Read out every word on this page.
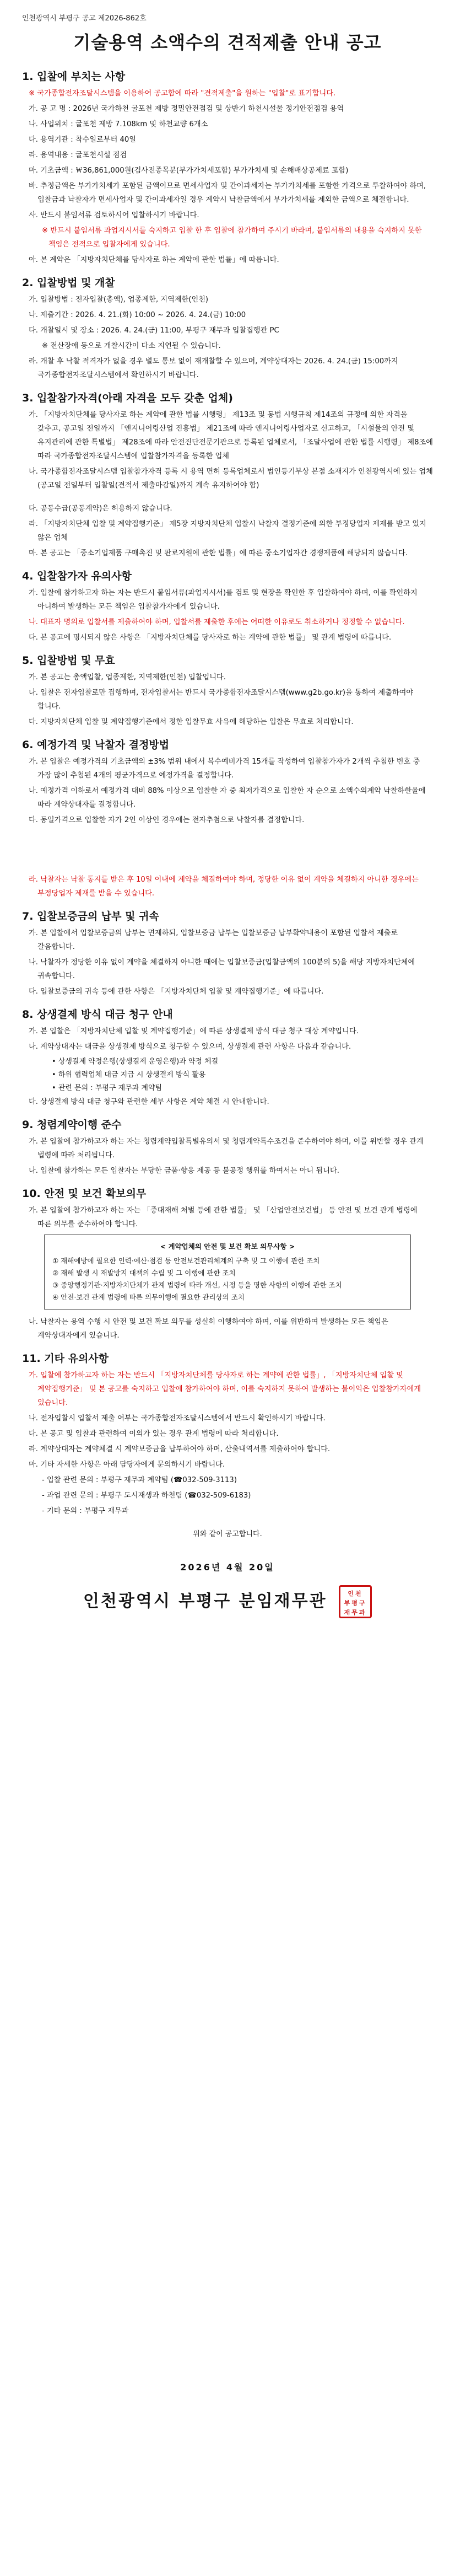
인천광역시 부평구 공고 제2026-862호
기술용역 소액수의 견적제출 안내 공고
1. 입찰에 부치는 사항

※ 국가종합전자조달시스템을 이용하여 공고함에 따라 "견적제출"을 원하는 "입찰"로 표기합니다.

가. 공 고 명 : 2026년 국가하천 굴포천 제방 정밀안전점검 및 상반기 하천시설물 정기안전점검 용역

나. 사업위치 : 굴포천 제방 7.108km 및 하천교량 6개소

다. 용역기관 : 착수일로부터 40일

라. 용역내용 : 굴포천시설 점검

마. 기초금액 : ￦36,861,000원(검사전종목분(부가가치세포함) 부가가치세 및 손해배상공제료 포함)

바. 추정금액은 부가가치세가 포함된 금액이므로 면세사업자 및 간이과세자는 부가가치세를 포함한 가격으로 투찰하여야 하며, 입찰금과 낙찰자가 면세사업자 및 간이과세자일 경우 계약시 낙찰금액에서 부가가치세를 제외한 금액으로 체결합니다.

사. 반드시 붙임서류 검토하시어 입찰하시기 바랍니다.

※ 반드시 붙임서류 과업지시서를 숙지하고 입찰 한 후 입찰에 참가하여 주시기 바라며, 붙임서류의 내용을 숙지하지 못한 책임은 전적으로 입찰자에게 있습니다.

아. 본 계약은 「지방자치단체를 당사자로 하는 계약에 관한 법률」에 따릅니다.

2. 입찰방법 및 개찰

가. 입찰방법 : 전자입찰(총액), 업종제한, 지역제한(인천)

나. 제출기간 : 2026. 4. 21.(화) 10:00 ~ 2026. 4. 24.(금) 10:00

다. 개찰일시 및 장소 : 2026. 4. 24.(금) 11:00, 부평구 재무과 입찰집행관 PC

※ 전산장애 등으로 개찰시간이 다소 지연될 수 있습니다.

라. 개찰 후 낙찰 적격자가 없을 경우 별도 통보 없이 재개찰할 수 있으며, 계약상대자는 2026. 4. 24.(금) 15:00까지 국가종합전자조달시스템에서 확인하시기 바랍니다.

3. 입찰참가자격(아래 자격을 모두 갖춘 업체)

가. 「지방자치단체를 당사자로 하는 계약에 관한 법률 시행령」 제13조 및 동법 시행규칙 제14조의 규정에 의한 자격을 갖추고, 공고일 전일까지 「엔지니어링산업 진흥법」 제21조에 따라 엔지니어링사업자로 신고하고, 「시설물의 안전 및 유지관리에 관한 특별법」 제28조에 따라 안전진단전문기관으로 등록된 업체로서, 「조달사업에 관한 법률 시행령」 제8조에 따라 국가종합전자조달시스템에 입찰참가자격을 등록한 업체

나. 국가종합전자조달시스템 입찰참가자격 등록 시 용역 면허 등록업체로서 법인등기부상 본점 소재지가 인천광역시에 있는 업체 (공고일 전일부터 입찰일(견적서 제출마감일)까지 계속 유지하여야 함)

다. 공동수급(공동계약)은 허용하지 않습니다.

라. 「지방자치단체 입찰 및 계약집행기준」 제5장 지방자치단체 입찰시 낙찰자 결정기준에 의한 부정당업자 제재를 받고 있지 않은 업체

마. 본 공고는 「중소기업제품 구매촉진 및 판로지원에 관한 법률」에 따른 중소기업자간 경쟁제품에 해당되지 않습니다.

4. 입찰참가자 유의사항

가. 입찰에 참가하고자 하는 자는 반드시 붙임서류(과업지시서)를 검토 및 현장을 확인한 후 입찰하여야 하며, 이를 확인하지 아니하여 발생하는 모든 책임은 입찰참가자에게 있습니다.

나. 대표자 명의로 입찰서를 제출하여야 하며, 입찰서를 제출한 후에는 어떠한 이유로도 취소하거나 정정할 수 없습니다.

다. 본 공고에 명시되지 않은 사항은 「지방자치단체를 당사자로 하는 계약에 관한 법률」 및 관계 법령에 따릅니다.

5. 입찰방법 및 무효

가. 본 공고는 총액입찰, 업종제한, 지역제한(인천) 입찰입니다.

나. 입찰은 전자입찰로만 집행하며, 전자입찰서는 반드시 국가종합전자조달시스템(www.g2b.go.kr)을 통하여 제출하여야 합니다.

다. 지방자치단체 입찰 및 계약집행기준에서 정한 입찰무효 사유에 해당하는 입찰은 무효로 처리합니다.

6. 예정가격 및 낙찰자 결정방법

가. 본 입찰은 예정가격의 기초금액의 ±3% 범위 내에서 복수예비가격 15개를 작성하여 입찰참가자가 2개씩 추첨한 번호 중 가장 많이 추첨된 4개의 평균가격으로 예정가격을 결정합니다.

나. 예정가격 이하로서 예정가격 대비 88% 이상으로 입찰한 자 중 최저가격으로 입찰한 자 순으로 소액수의계약 낙찰하한율에 따라 계약상대자를 결정합니다.

다. 동일가격으로 입찰한 자가 2인 이상인 경우에는 전자추첨으로 낙찰자를 결정합니다.

라. 낙찰자는 낙찰 통지를 받은 후 10일 이내에 계약을 체결하여야 하며, 정당한 이유 없이 계약을 체결하지 아니한 경우에는 부정당업자 제재를 받을 수 있습니다.

7. 입찰보증금의 납부 및 귀속

가. 본 입찰에서 입찰보증금의 납부는 면제하되, 입찰보증금 납부는 입찰보증금 납부확약내용이 포함된 입찰서 제출로 갈음합니다.

나. 낙찰자가 정당한 이유 없이 계약을 체결하지 아니한 때에는 입찰보증금(입찰금액의 100분의 5)을 해당 지방자치단체에 귀속합니다.

다. 입찰보증금의 귀속 등에 관한 사항은 「지방자치단체 입찰 및 계약집행기준」에 따릅니다.

8. 상생결제 방식 대금 청구 안내

가. 본 입찰은 「지방자치단체 입찰 및 계약집행기준」에 따른 상생결제 방식 대금 청구 대상 계약입니다.

나. 계약상대자는 대금을 상생결제 방식으로 청구할 수 있으며, 상생결제 관련 사항은 다음과 같습니다.

• 상생결제 약정은행(상생결제 운영은행)과 약정 체결
• 하위 협력업체 대금 지급 시 상생결제 방식 활용
• 관련 문의 : 부평구 재무과 계약팀

다. 상생결제 방식 대금 청구와 관련한 세부 사항은 계약 체결 시 안내합니다.

9. 청렴계약이행 준수

가. 본 입찰에 참가하고자 하는 자는 청렴계약입찰특별유의서 및 청렴계약특수조건을 준수하여야 하며, 이를 위반할 경우 관계 법령에 따라 처리됩니다.

나. 입찰에 참가하는 모든 입찰자는 부당한 금품·향응 제공 등 불공정 행위를 하여서는 아니 됩니다.

10. 안전 및 보건 확보의무

가. 본 입찰에 참가하고자 하는 자는 「중대재해 처벌 등에 관한 법률」 및 「산업안전보건법」 등 안전 및 보건 관계 법령에 따른 의무를 준수하여야 합니다.

< 계약업체의 안전 및 보건 확보 의무사항 >

① 재해예방에 필요한 인력·예산·점검 등 안전보건관리체계의 구축 및 그 이행에 관한 조치

② 재해 발생 시 재발방지 대책의 수립 및 그 이행에 관한 조치

③ 중앙행정기관·지방자치단체가 관계 법령에 따라 개선, 시정 등을 명한 사항의 이행에 관한 조치

④ 안전·보건 관계 법령에 따른 의무이행에 필요한 관리상의 조치

나. 낙찰자는 용역 수행 시 안전 및 보건 확보 의무를 성실히 이행하여야 하며, 이를 위반하여 발생하는 모든 책임은 계약상대자에게 있습니다.

11. 기타 유의사항

가. 입찰에 참가하고자 하는 자는 반드시 「지방자치단체를 당사자로 하는 계약에 관한 법률」, 「지방자치단체 입찰 및 계약집행기준」 및 본 공고를 숙지하고 입찰에 참가하여야 하며, 이를 숙지하지 못하여 발생하는 불이익은 입찰참가자에게 있습니다.

나. 전자입찰시 입찰서 제출 여부는 국가종합전자조달시스템에서 반드시 확인하시기 바랍니다.

다. 본 공고 및 입찰과 관련하여 이의가 있는 경우 관계 법령에 따라 처리합니다.

라. 계약상대자는 계약체결 시 계약보증금을 납부하여야 하며, 산출내역서를 제출하여야 합니다.

마. 기타 자세한 사항은 아래 담당자에게 문의하시기 바랍니다.

- 입찰 관련 문의 : 부평구 재무과 계약팀 (☎032-509-3113)

- 과업 관련 문의 : 부평구 도시재생과 하천팀 (☎032-509-6183)

- 기타 문의 : 부평구 재무과

위와 같이 공고합니다.
2026년 4월 20일
인천광역시 부평구 분임재무관	인천
부평구
재무과
